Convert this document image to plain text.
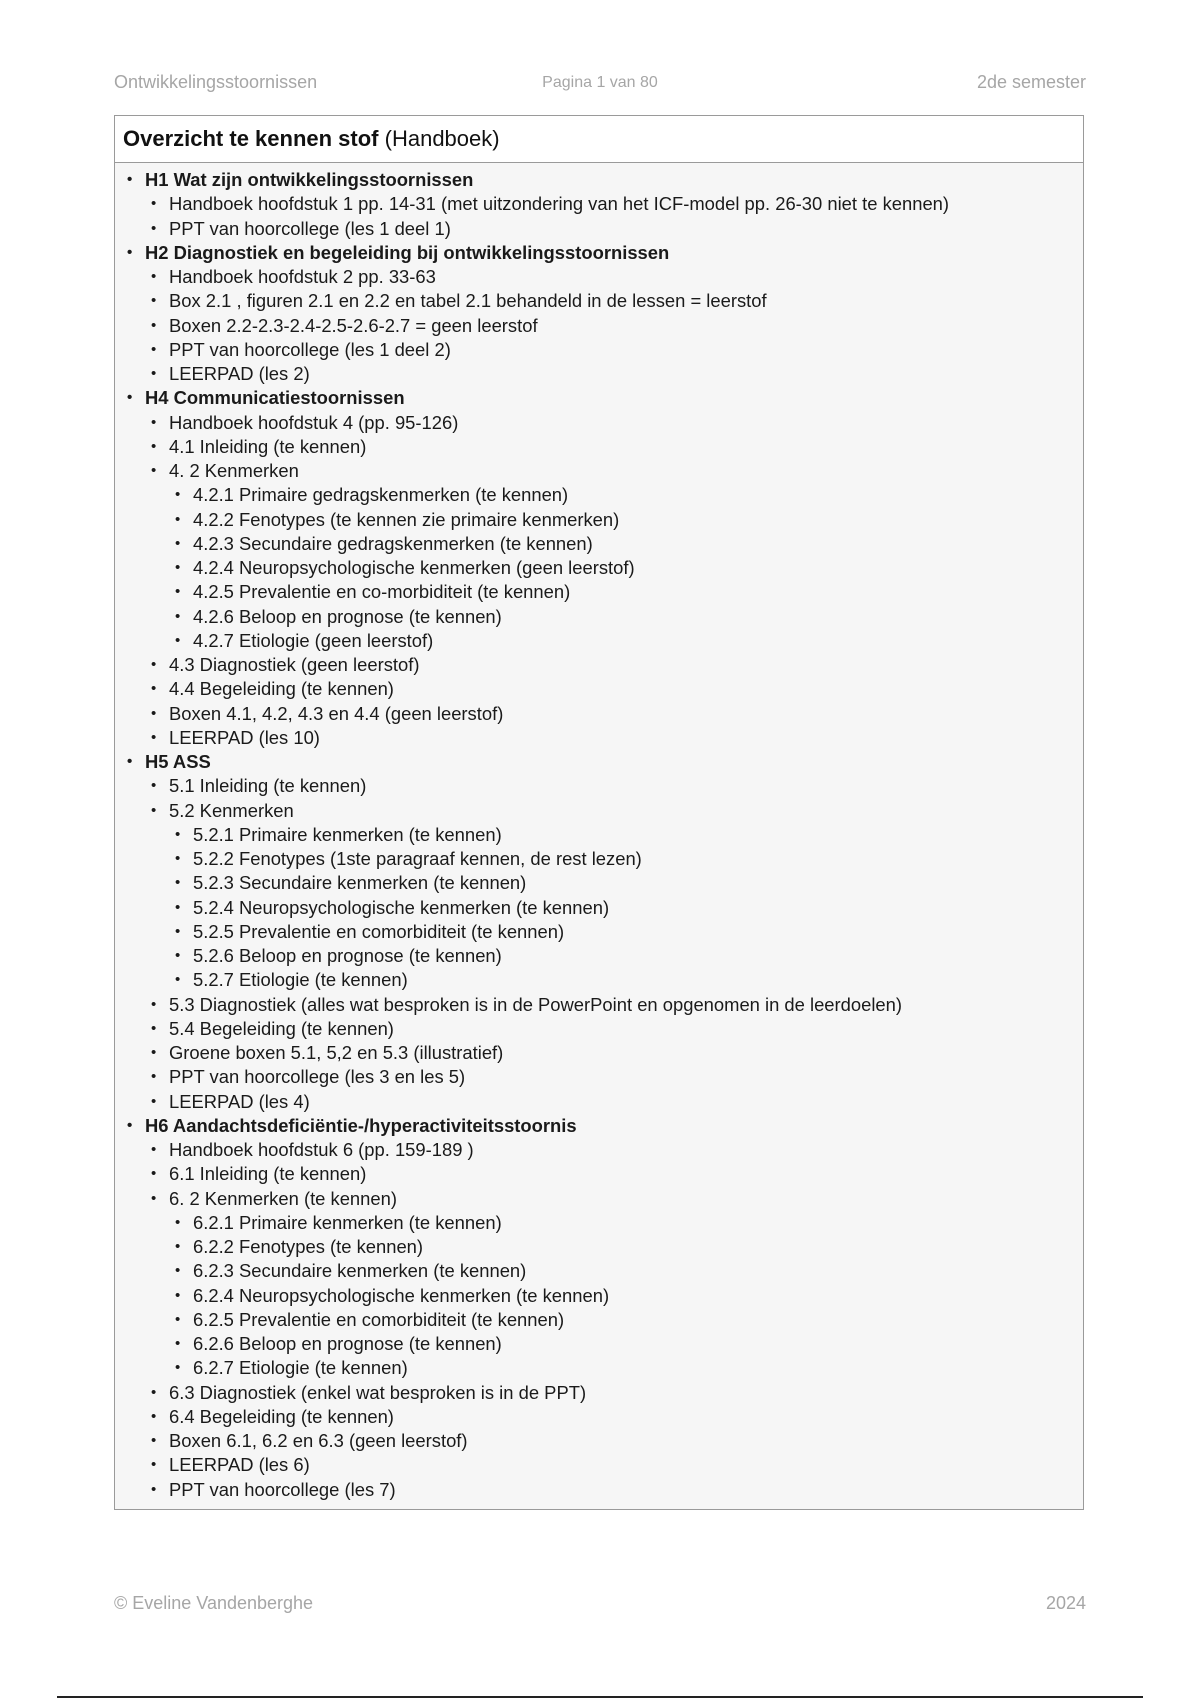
Ontwikkelingsstoornissen	Pagina 1 van 80	2de semester
Overzicht te kennen stof (Handboek)
• H1 Wat zijn ontwikkelingsstoornissen
• Handboek hoofdstuk 1 pp. 14-31 (met uitzondering van het ICF-model pp. 26-30 niet te kennen)
• PPT van hoorcollege (les 1 deel 1)
• H2 Diagnostiek en begeleiding bij ontwikkelingsstoornissen
• Handboek hoofdstuk 2 pp. 33-63
• Box 2.1 , figuren 2.1 en 2.2 en tabel 2.1 behandeld in de lessen = leerstof
• Boxen 2.2-2.3-2.4-2.5-2.6-2.7 = geen leerstof
• PPT van hoorcollege (les 1 deel 2)
• LEERPAD (les 2)
• H4 Communicatiestoornissen
• Handboek hoofdstuk 4 (pp. 95-126)
• 4.1 Inleiding (te kennen)
• 4. 2 Kenmerken
• 4.2.1 Primaire gedragskenmerken (te kennen)
• 4.2.2 Fenotypes (te kennen zie primaire kenmerken)
• 4.2.3 Secundaire gedragskenmerken (te kennen)
• 4.2.4 Neuropsychologische kenmerken (geen leerstof)
• 4.2.5 Prevalentie en co-morbiditeit (te kennen)
• 4.2.6 Beloop en prognose (te kennen)
• 4.2.7 Etiologie (geen leerstof)
• 4.3 Diagnostiek (geen leerstof)
• 4.4 Begeleiding (te kennen)
• Boxen 4.1, 4.2, 4.3 en 4.4 (geen leerstof)
• LEERPAD (les 10)
• H5 ASS
• 5.1 Inleiding (te kennen)
• 5.2 Kenmerken
• 5.2.1 Primaire kenmerken (te kennen)
• 5.2.2 Fenotypes (1ste paragraaf kennen, de rest lezen)
• 5.2.3 Secundaire kenmerken (te kennen)
• 5.2.4 Neuropsychologische kenmerken (te kennen)
• 5.2.5 Prevalentie en comorbiditeit (te kennen)
• 5.2.6 Beloop en prognose (te kennen)
• 5.2.7 Etiologie (te kennen)
• 5.3 Diagnostiek (alles wat besproken is in de PowerPoint en opgenomen in de leerdoelen)
• 5.4 Begeleiding (te kennen)
• Groene boxen 5.1, 5,2 en 5.3 (illustratief)
• PPT van hoorcollege (les 3 en les 5)
• LEERPAD (les 4)
• H6 Aandachtsdeficiëntie-/hyperactiviteitsstoornis
• Handboek hoofdstuk 6 (pp. 159-189 )
• 6.1 Inleiding (te kennen)
• 6. 2 Kenmerken (te kennen)
• 6.2.1 Primaire kenmerken (te kennen)
• 6.2.2 Fenotypes (te kennen)
• 6.2.3 Secundaire kenmerken (te kennen)
• 6.2.4 Neuropsychologische kenmerken (te kennen)
• 6.2.5 Prevalentie en comorbiditeit (te kennen)
• 6.2.6 Beloop en prognose (te kennen)
• 6.2.7 Etiologie (te kennen)
• 6.3 Diagnostiek (enkel wat besproken is in de PPT)
• 6.4 Begeleiding (te kennen)
• Boxen 6.1, 6.2 en 6.3 (geen leerstof)
• LEERPAD (les 6)
• PPT van hoorcollege (les 7)
© Eveline Vandenberghe	2024
